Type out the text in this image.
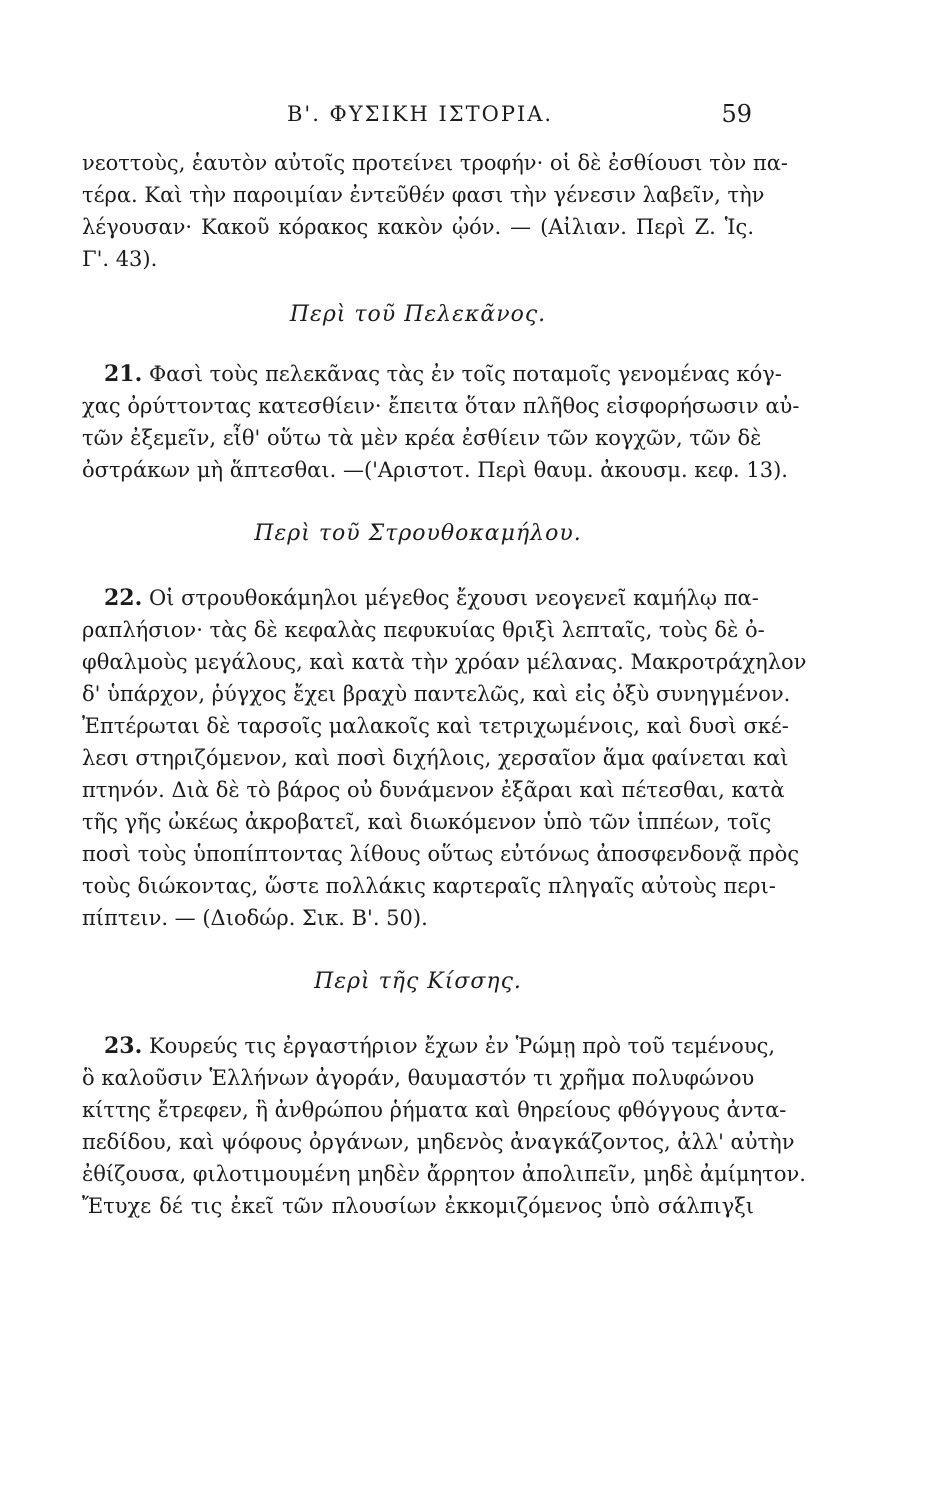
Β'. ΦΥΣΙΚΗ ΙΣΤΟΡΙΑ.	59
νεοττοὺς, ἑαυτὸν αὐτοῖς προτείνει τροφήν· οἱ δὲ ἐσθίουσι τὸν πα-
τέρα. Καὶ τὴν παροιμίαν ἐντεῦθέν φασι τὴν γένεσιν λαβεῖν, τὴν
λέγουσαν· Κακοῦ κόρακος κακὸν ᾠόν. — (Αἰλιαν. Περὶ Ζ. Ἱς.
Γ'. 43).
Περὶ τοῦ Πελεκᾶνος.
21. Φασὶ τοὺς πελεκᾶνας τὰς ἐν τοῖς ποταμοῖς γενομένας κόγ-
χας ὀρύττοντας κατεσθίειν· ἔπειτα ὅταν πλῆθος εἰσφορήσωσιν αὐ-
τῶν ἐξεμεῖν, εἶθ' οὕτω τὰ μὲν κρέα ἐσθίειν τῶν κογχῶν, τῶν δὲ
ὀστράκων μὴ ἅπτεσθαι. —('Αριστοτ. Περὶ θαυμ. ἀκουσμ. κεφ. 13).
Περὶ τοῦ Στρουθοκαμήλου.
22. Οἱ στρουθοκάμηλοι μέγεθος ἔχουσι νεογενεῖ καμήλῳ πα-
ραπλήσιον· τὰς δὲ κεφαλὰς πεφυκυίας θριξὶ λεπταῖς, τοὺς δὲ ὀ-
φθαλμοὺς μεγάλους, καὶ κατὰ τὴν χρόαν μέλανας. Μακροτράχηλον
δ' ὑπάρχον, ῥύγχος ἔχει βραχὺ παντελῶς, καὶ εἰς ὀξὺ συνηγμένον.
Ἐπτέρωται δὲ ταρσοῖς μαλακοῖς καὶ τετριχωμένοις, καὶ δυσὶ σκέ-
λεσι στηριζόμενον, καὶ ποσὶ διχήλοις, χερσαῖον ἅμα φαίνεται καὶ
πτηνόν. Διὰ δὲ τὸ βάρος οὐ δυνάμενον ἐξᾶραι καὶ πέτεσθαι, κατὰ
τῆς γῆς ὠκέως ἀκροβατεῖ, καὶ διωκόμενον ὑπὸ τῶν ἱππέων, τοῖς
ποσὶ τοὺς ὑποπίπτοντας λίθους οὕτως εὐτόνως ἀποσφενδονᾷ πρὸς
τοὺς διώκοντας, ὥστε πολλάκις καρτεραῖς πληγαῖς αὐτοὺς περι-
πίπτειν. — (Διοδώρ. Σικ. Β'. 50).
Περὶ τῆς Κίσσης.
23. Κουρεύς τις ἐργαστήριον ἔχων ἐν Ῥώμῃ πρὸ τοῦ τεμένους,
ὃ καλοῦσιν Ἑλλήνων ἀγοράν, θαυμαστόν τι χρῆμα πολυφώνου
κίττης ἔτρεφεν, ἣ ἀνθρώπου ῥήματα καὶ θηρείους φθόγγους ἀντα-
πεδίδου, καὶ ψόφους ὀργάνων, μηδενὸς ἀναγκάζοντος, ἀλλ' αὐτὴν
ἐθίζουσα, φιλοτιμουμένη μηδὲν ἄρρητον ἀπολιπεῖν, μηδὲ ἀμίμητον.
Ἔτυχε δέ τις ἐκεῖ τῶν πλουσίων ἐκκομιζόμενος ὑπὸ σάλπιγξι
